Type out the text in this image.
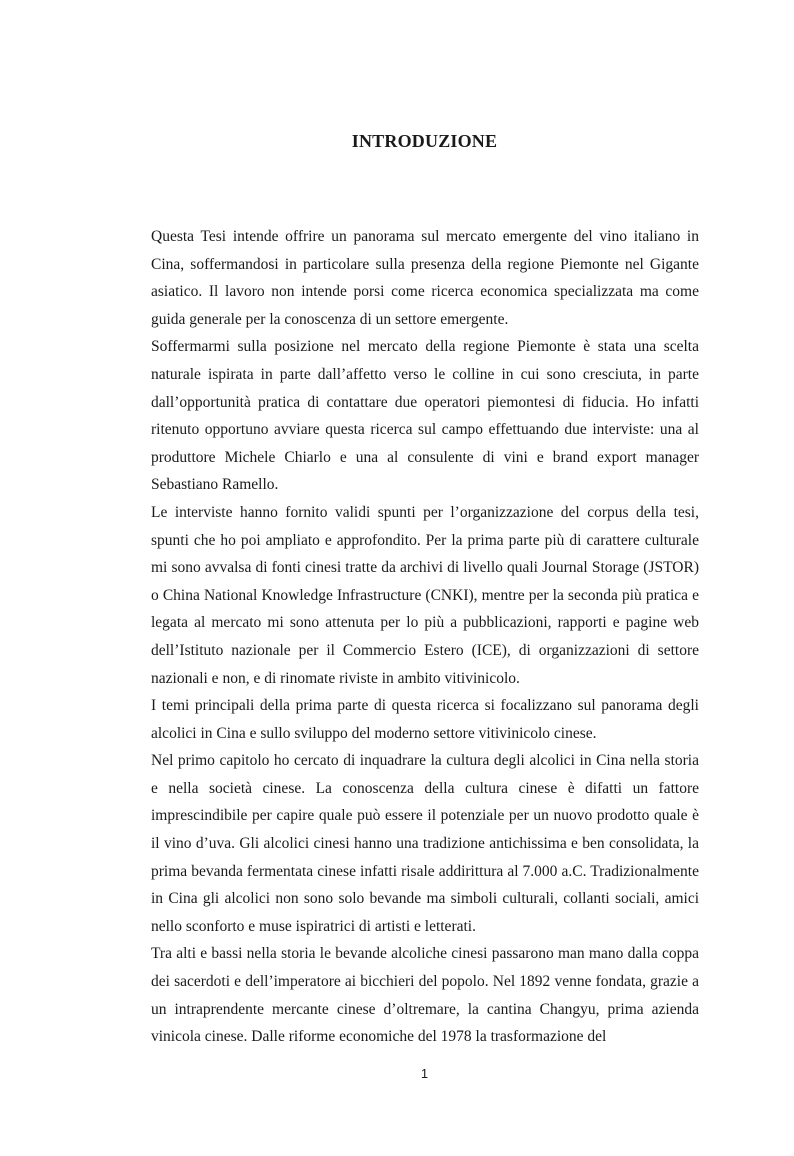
INTRODUZIONE

Questa Tesi intende offrire un panorama sul mercato emergente del vino italiano in Cina, soffermandosi in particolare sulla presenza della regione Piemonte nel Gigante asiatico. Il lavoro non intende porsi come ricerca economica specializzata ma come guida generale per la conoscenza di un settore emergente.

Soffermarmi sulla posizione nel mercato della regione Piemonte è stata una scelta naturale ispirata in parte dall’affetto verso le colline in cui sono cresciuta, in parte dall’opportunità pratica di contattare due operatori piemontesi di fiducia. Ho infatti ritenuto opportuno avviare questa ricerca sul campo effettuando due interviste: una al produttore Michele Chiarlo e una al consulente di vini e brand export manager Sebastiano Ramello.

Le interviste hanno fornito validi spunti per l’organizzazione del corpus della tesi, spunti che ho poi ampliato e approfondito. Per la prima parte più di carattere culturale mi sono avvalsa di fonti cinesi tratte da archivi di livello quali Journal Storage (JSTOR) o China National Knowledge Infrastructure (CNKI), mentre per la seconda più pratica e legata al mercato mi sono attenuta per lo più a pubblicazioni, rapporti e pagine web dell’Istituto nazionale per il Commercio Estero (ICE), di organizzazioni di settore nazionali e non, e di rinomate riviste in ambito vitivinicolo.

I temi principali della prima parte di questa ricerca si focalizzano sul panorama degli alcolici in Cina e sullo sviluppo del moderno settore vitivinicolo cinese.

Nel primo capitolo ho cercato di inquadrare la cultura degli alcolici in Cina nella storia e nella società cinese. La conoscenza della cultura cinese è difatti un fattore imprescindibile per capire quale può essere il potenziale per un nuovo prodotto quale è il vino d’uva. Gli alcolici cinesi hanno una tradizione antichissima e ben consolidata, la prima bevanda fermentata cinese infatti risale addirittura al 7.000 a.C. Tradizionalmente in Cina gli alcolici non sono solo bevande ma simboli culturali, collanti sociali, amici nello sconforto e muse ispiratrici di artisti e letterati.

Tra alti e bassi nella storia le bevande alcoliche cinesi passarono man mano dalla coppa dei sacerdoti e dell’imperatore ai bicchieri del popolo. Nel 1892 venne fondata, grazie a un intraprendente mercante cinese d’oltremare, la cantina Changyu, prima azienda vinicola cinese. Dalle riforme economiche del 1978 la trasformazione del

1
